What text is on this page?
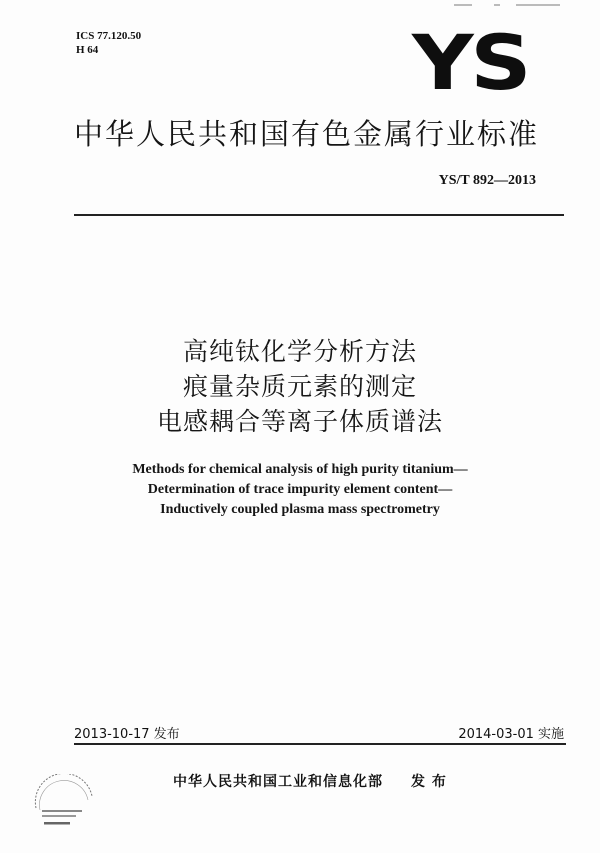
ICS 77.120.50
H 64	YS
中华人民共和国有色金属行业标准
YS/T 892—2013
高纯钛化学分析方法
痕量杂质元素的测定
电感耦合等离子体质谱法
Methods for chemical analysis of high purity titanium—
Determination of trace impurity element content—
Inductively coupled plasma mass spectrometry
2013-10-17 发布	2014-03-01 实施
中华人民共和国工业和信息化部 发 布
